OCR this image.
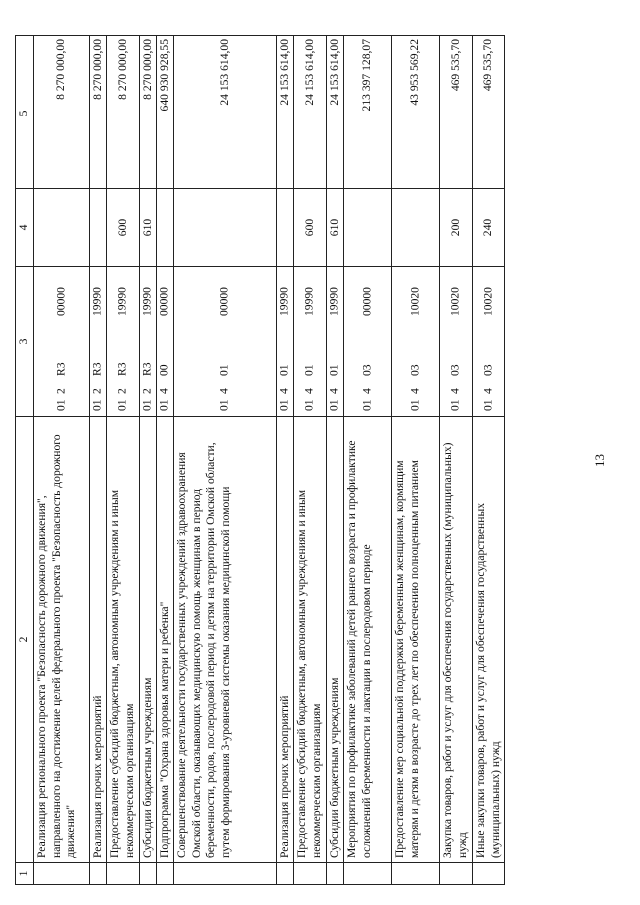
13
1
2
3
4
5
Реализация регионального проекта "Безопасность дорожного движения", направленного на достижение целей федерального проекта "Безопасность дорожного движения"
01
2
R3
00000
8 270 000,00
Реализация прочих мероприятий
01
2
R3
19990
8 270 000,00
Предоставление субсидий бюджетным, автономным учреждениям и иным некоммерческим организациям
01
2
R3
19990
600
8 270 000,00
Субсидии бюджетным учреждениям
01
2
R3
19990
610
8 270 000,00
Подпрограмма "Охрана здоровья матери и ребенка"
01
4
00
00000
640 930 928,55
Совершенствование деятельности государственных учреждений здравоохранения Омской области, оказывающих медицинскую помощь женщинам в период беременности, родов, послеродовой период и детям на территории Омской области, путем формирования 3-уровневой системы оказания медицинской помощи
01
4
01
00000
24 153 614,00
Реализация прочих мероприятий
01
4
01
19990
24 153 614,00
Предоставление субсидий бюджетным, автономным учреждениям и иным некоммерческим организациям
01
4
01
19990
600
24 153 614,00
Субсидии бюджетным учреждениям
01
4
01
19990
610
24 153 614,00
Мероприятия по профилактике заболеваний детей раннего возраста и профилактике осложнений беременности и лактации в послеродовом периоде
01
4
03
00000
213 397 128,07
Предоставление мер социальной поддержки беременным женщинам, кормящим матерям и детям в возрасте до трех лет по обеспечению полноценным питанием
01
4
03
10020
43 953 569,22
Закупка товаров, работ и услуг для обеспечения государственных (муниципальных) нужд
01
4
03
10020
200
469 535,70
Иные закупки товаров, работ и услуг для обеспечения государственных (муниципальных) нужд
01
4
03
10020
240
469 535,70
